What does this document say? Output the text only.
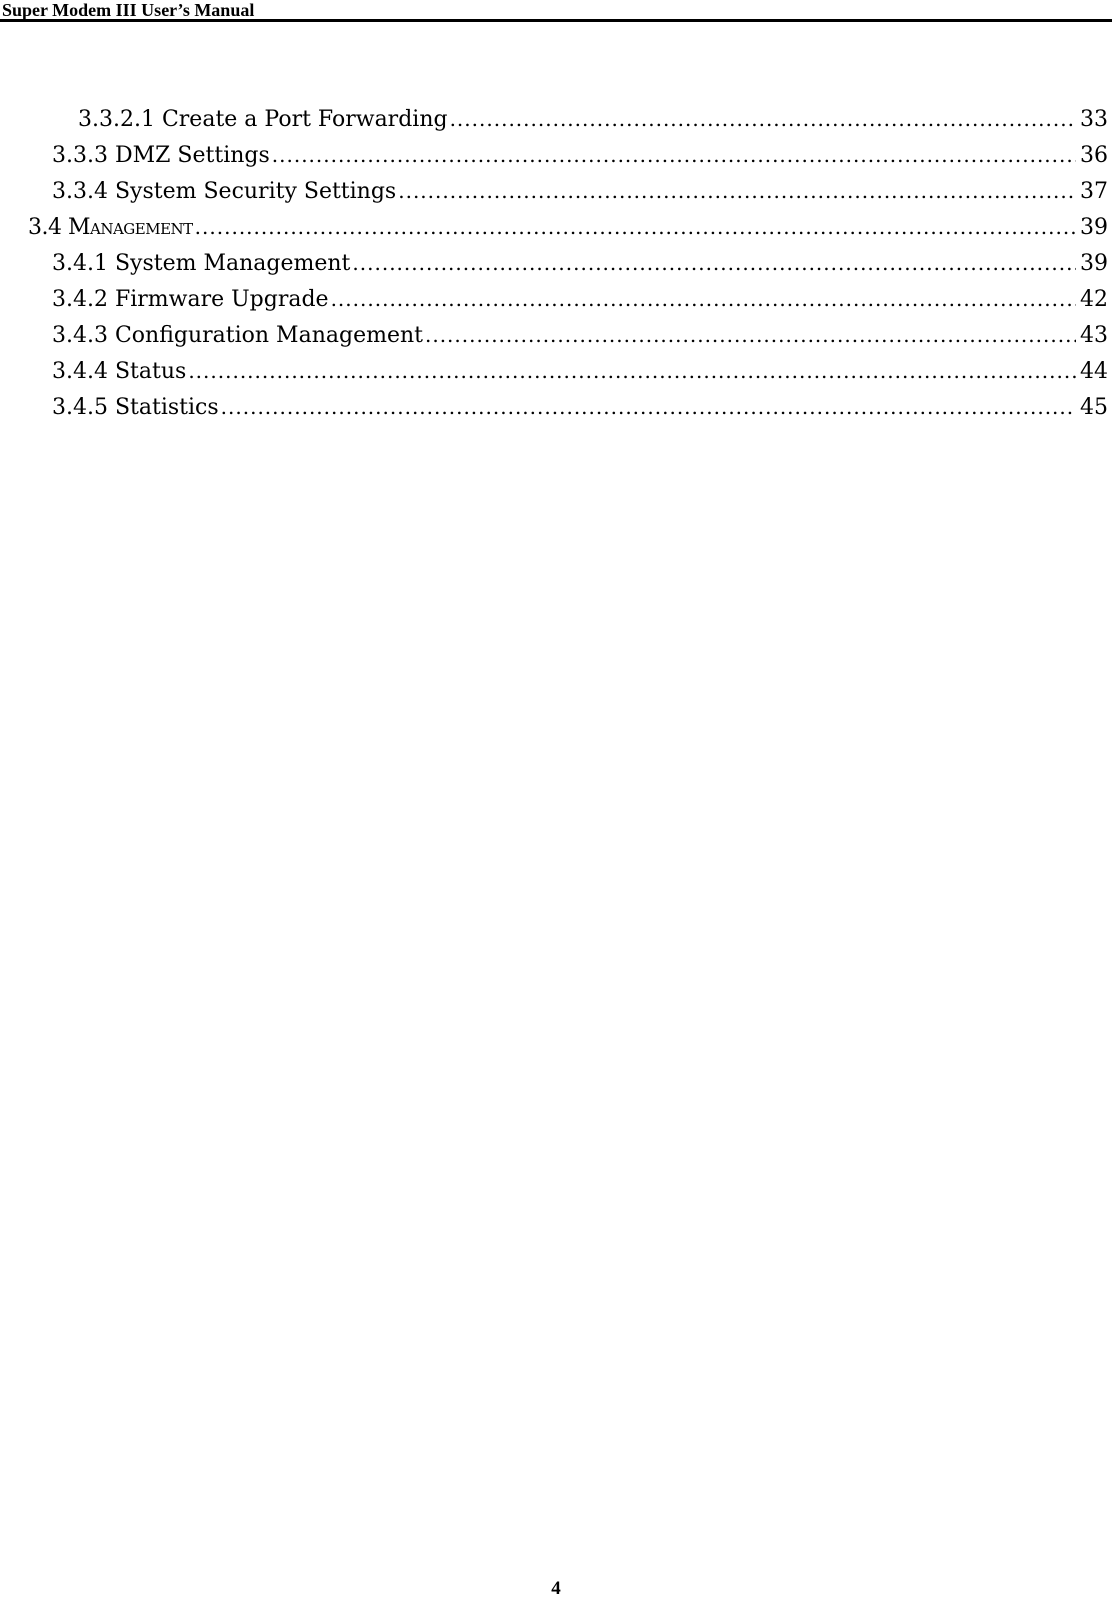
Super Modem III User’s Manual
3.3.2.1 Create a Port Forwarding .....	33
3.3.3 DMZ Settings .....	36
3.3.4 System Security Settings .....	37
3.4 Management .....	39
3.4.1 System Management .....	39
3.4.2 Firmware Upgrade .....	42
3.4.3 Configuration Management .....	43
3.4.4 Status .....	44
3.4.5 Statistics .....	45
4
